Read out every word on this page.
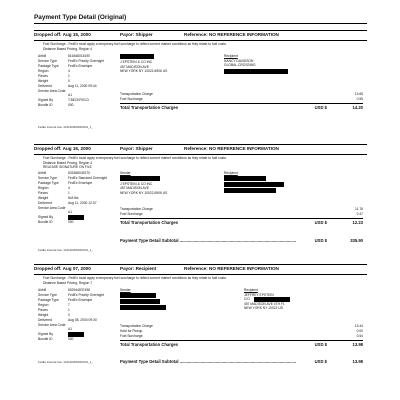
Payment Type Detail (Original)
Dropped off: Aug 15, 2000	Payor: Shipper	Reference: NO REFERENCE INFORMATION
Fuel Surcharge - FedEx must apply a temporary fuel surcharge to reflect current market conditions as they relate to fuel costs.
Distance Based Pricing, Region 4
Airbill	816468015190
Service Type	FedEx Priority Overnight
Package Type	FedEx Envelope
Region	4
Pieces	1
Weight	0
Delivered	Aug 11, 2000 09:44
Service Area Code
A1
Signed By	T.BECKFIELD
Bundle ID	000
J EPSTEIN & CO INC
457 MADISON AVE
NEW YORK NY 10022-6906 US
Recipient
NANCY DAVIDSON
GLOBAL CROSSING
Transportation Charge	13.65
Fuel Surcharge	0.55
Total Transportation Charges	USD $	14.20
FedEx Internal Use: 2241000064000011_1_
Dropped off: Aug 15, 2000	Payor: Shipper	Reference: NO REFERENCE INFORMATION
Fuel Surcharge - FedEx must apply a temporary fuel surcharge to reflect current market conditions as they relate to fuel costs.
Distance Based Pricing, Region 4
RELEASE SIGNATURE ON FILE
Airbill	831568049270
Service Type	FedEx Standard Overnight
Package Type	FedEx Envelope
Region	4
Pieces	1
Weight	N/A lbs
Delivered	Aug 11, 2000 12:07
Service Area Code
A1
Signed By
Bundle ID	000
Sender
J EPSTEIN & CO INC
457 MADISON AVE
NEW YORK NY 10022-6906 US
Recipient
Transportation Charge	11.76
Fuel Surcharge	0.47
Total Transportation Charges	USD $	12.23
Payment Type Detail Subtotal ....................................................................................................	USD $	335.90
FedEx Internal Use: 2241000064000011_1_
Dropped off: Aug 07, 2000	Payor: Recipient	Reference: NO REFERENCE INFORMATION
Fuel Surcharge - FedEx must apply a temporary fuel surcharge to reflect current market conditions as they relate to fuel costs.
Distance Based Pricing, Region 7
Airbill	802944837498
Service Type	FedEx Priority Overnight
Package Type	FedEx Envelope
Region	7
Pieces	1
Weight	0
Delivered	Aug 08, 2000 09:30
Service Area Code
A1
Signed By
Bundle ID	000
Sender	Recipient
JEFFREY EPSTEIN
C/O
457 MADISON AVE 4TH FL
NEW YORK NY 10022 US
Transportation Charge	13.44
Hold for Pickup	0.00
Fuel Surcharge	0.54
Total Transportation Charges	USD $	13.98
FedEx Internal Use: 2241000064000011_1_	Payment Type Detail Subtotal ....................................................................................................	USD $	13.98
